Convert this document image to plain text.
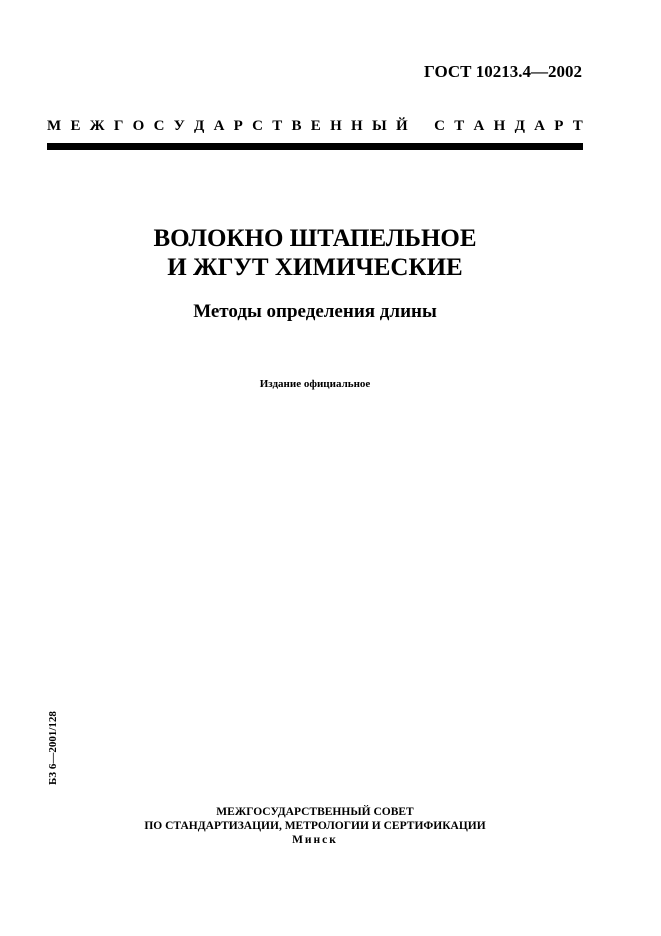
ГОСТ 10213.4—2002
М Е Ж Г О С У Д А Р С Т В Е Н Н Ы Й С Т А Н Д А Р Т
ВОЛОКНО ШТАПЕЛЬНОЕ
И ЖГУТ ХИМИЧЕСКИЕ
Методы определения длины
Издание официальное
БЗ 6—2001/128
МЕЖГОСУДАРСТВЕННЫЙ СОВЕТ
ПО СТАНДАРТИЗАЦИИ, МЕТРОЛОГИИ И СЕРТИФИКАЦИИ
Минск
